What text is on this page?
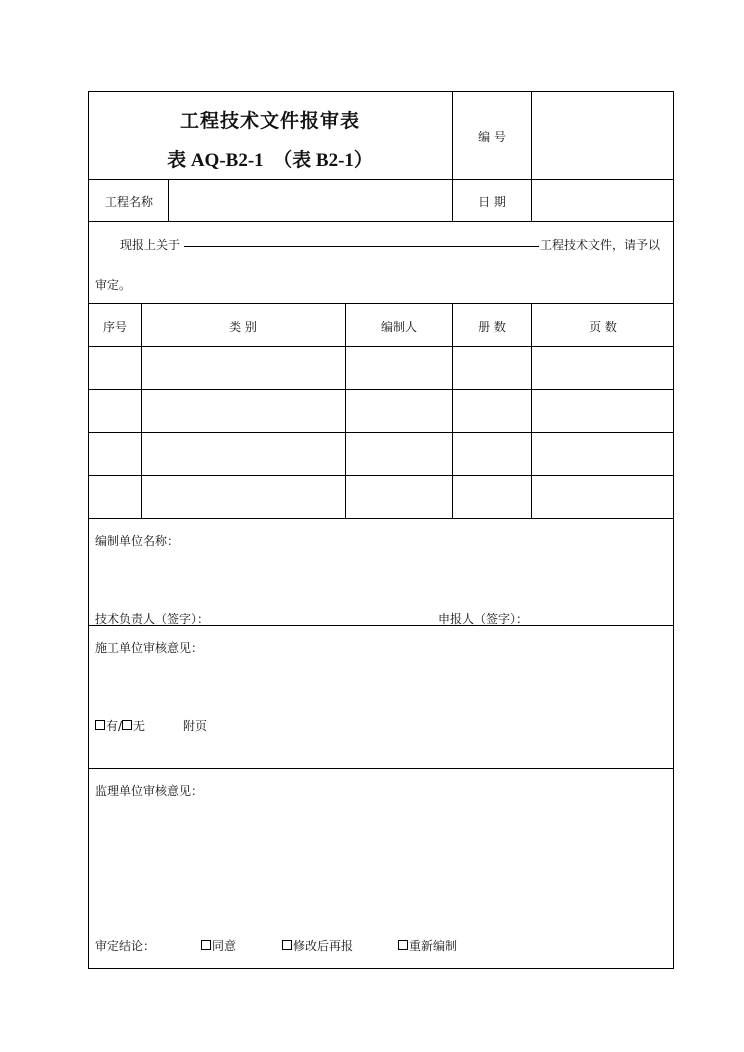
工程技术文件报审表
表 AQ-B2-1　（表 B2-1）
编 号
工程名称	日 期
现报上关于	工程技术文件，请予以
审定。
序号	类 别	编制人	册 数	页 数
编制单位名称：
技术负责人（签字）：	申报人（签字）：
施工单位审核意见：
有/ 无	附页
监理单位审核意见：
审定结论：	同意	修改后再报	重新编制
